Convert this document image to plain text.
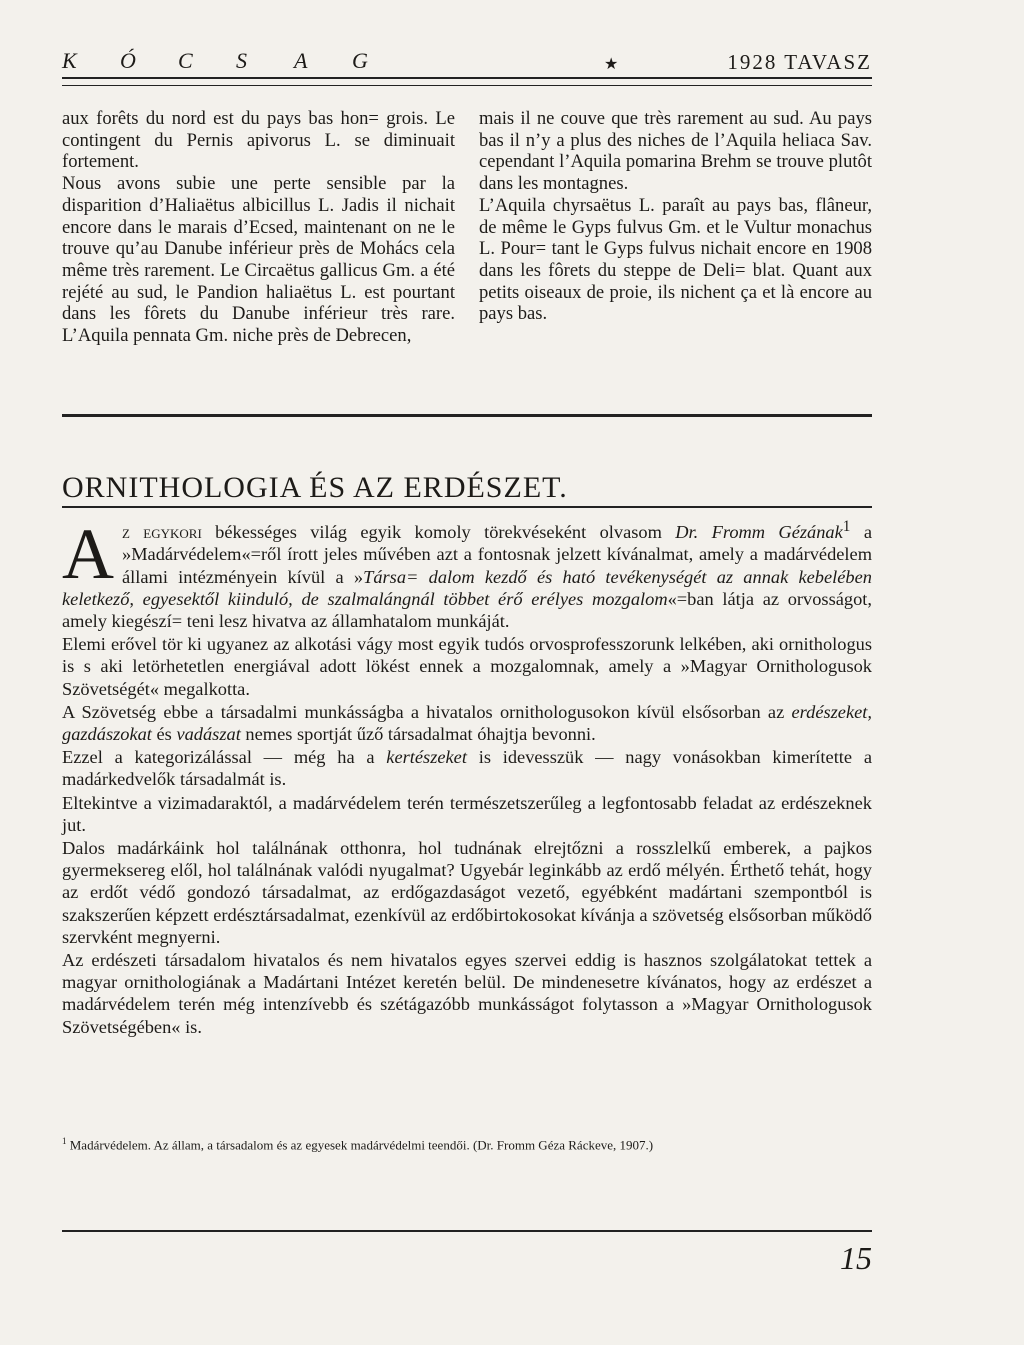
K	Ó	C	S	A	G	★	1928 TAVASZ

aux forêts du nord est du pays bas hon= grois. Le contingent du Pernis apivorus L. se diminuait fortement.

Nous avons subie une perte sensible par la disparition d’Haliaëtus albicillus L. Jadis il nichait encore dans le marais d’Ecsed, maintenant on ne le trouve qu’au Danube inférieur près de Mohács cela même très rarement. Le Circaëtus gallicus Gm. a été rejété au sud, le Pandion haliaëtus L. est pourtant dans les fôrets du Danube inférieur très rare. L’Aquila pennata Gm. niche près de Debrecen,

mais il ne couve que très rarement au sud. Au pays bas il n’y a plus des niches de l’Aquila heliaca Sav. cependant l’Aquila pomarina Brehm se trouve plutôt dans les montagnes.

L’Aquila chyrsaëtus L. paraît au pays bas, flâneur, de même le Gyps fulvus Gm. et le Vultur monachus L. Pour= tant le Gyps fulvus nichait encore en 1908 dans les fôrets du steppe de Deli= blat. Quant aux petits oiseaux de proie, ils nichent ça et là encore au pays bas.

ORNITHOLOGIA ÉS AZ ERDÉSZET.

Az egykori békességes világ egyik komoly törekvéseként olvasom Dr. Fromm Gézának$^1$ a »Madárvédelem«=ről írott jeles művében azt a fontosnak jelzett kívánalmat, amely a madárvédelem állami intézményein kívül a »Társa= dalom kezdő és ható tevékenységét az annak kebelében keletkező, egyesektől kiinduló, de szalmalángnál többet érő erélyes mozgalom«=ban látja az orvosságot, amely kiegészí= teni lesz hivatva az államhatalom munkáját.

Elemi erővel tör ki ugyanez az alkotási vágy most egyik tudós orvosprofesszorunk lelkében, aki ornithologus is s aki letörhetetlen energiával adott lökést ennek a mozgalomnak, amely a »Magyar Ornithologusok Szövetségét« megalkotta.

A Szövetség ebbe a társadalmi munkásságba a hivatalos ornithologusokon kívül elsősorban az erdészeket, gazdászokat és vadászat nemes sportját űző társadalmat óhajtja bevonni.

Ezzel a kategorizálással — még ha a kertészeket is idevesszük — nagy vonásokban kimerítette a madárkedvelők társadalmát is.

Eltekintve a vizimadaraktól, a madárvédelem terén természetszerűleg a legfontosabb feladat az erdészeknek jut.

Dalos madárkáink hol találnának otthonra, hol tudnának elrejtőzni a rosszlelkű emberek, a pajkos gyermeksereg elől, hol találnának valódi nyugalmat? Ugyebár leginkább az erdő mélyén. Érthető tehát, hogy az erdőt védő gondozó társadalmat, az erdőgazdaságot vezető, egyébként madártani szempontból is szakszerűen képzett erdésztársadalmat, ezenkívül az erdőbirtokosokat kívánja a szövetség elsősorban működő szervként megnyerni.

Az erdészeti társadalom hivatalos és nem hivatalos egyes szervei eddig is hasznos szolgálatokat tettek a magyar ornithologiának a Madártani Intézet keretén belül. De mindenesetre kívánatos, hogy az erdészet a madárvédelem terén még intenzívebb és szétágazóbb munkásságot folytasson a »Magyar Ornithologusok Szövetségében« is.

$^1$ Madárvédelem. Az állam, a társadalom és az egyesek madárvédelmi teendői. (Dr. Fromm Géza Ráckeve, 1907.)
15
